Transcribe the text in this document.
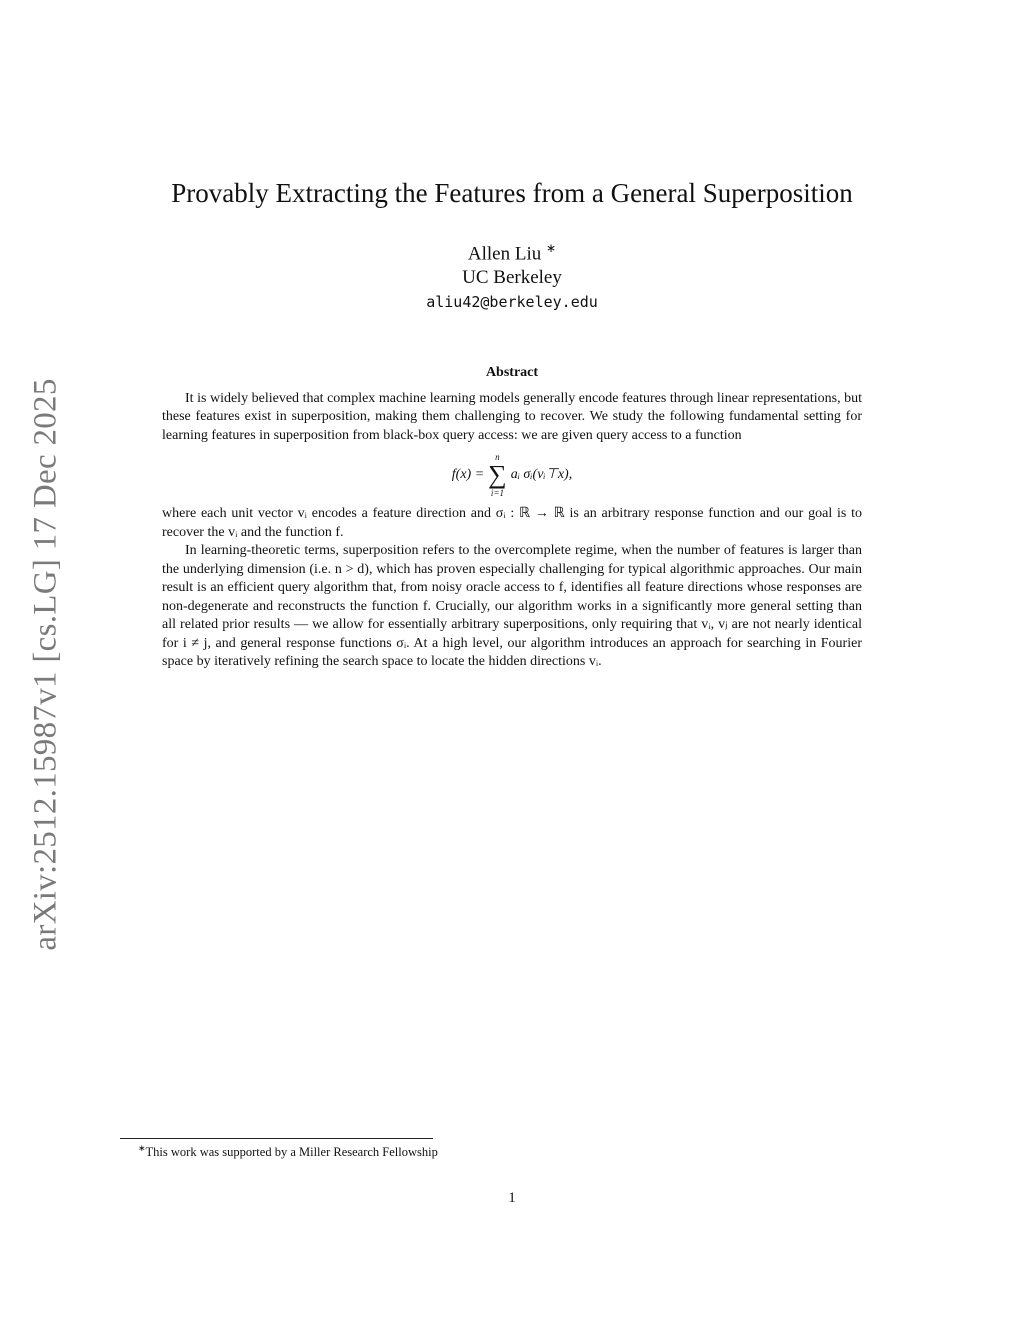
arXiv:2512.15987v1 [cs.LG] 17 Dec 2025
Provably Extracting the Features from a General Superposition
Allen Liu ∗
UC Berkeley
aliu42@berkeley.edu
Abstract

It is widely believed that complex machine learning models generally encode features through linear representations, but these features exist in superposition, making them challenging to recover. We study the following fundamental setting for learning features in superposition from black-box query access: we are given query access to a function

f(x) =
n
∑
i=1
aᵢ σᵢ(vᵢ⊤x),

where each unit vector vᵢ encodes a feature direction and σᵢ : ℝ → ℝ is an arbitrary response function and our goal is to recover the vᵢ and the function f.

In learning-theoretic terms, superposition refers to the overcomplete regime, when the number of features is larger than the underlying dimension (i.e. n > d), which has proven especially challenging for typical algorithmic approaches. Our main result is an efficient query algorithm that, from noisy oracle access to f, identifies all feature directions whose responses are non-degenerate and reconstructs the function f. Crucially, our algorithm works in a significantly more general setting than all related prior results — we allow for essentially arbitrary superpositions, only requiring that vᵢ, vⱼ are not nearly identical for i ≠ j, and general response functions σᵢ. At a high level, our algorithm introduces an approach for searching in Fourier space by iteratively refining the search space to locate the hidden directions vᵢ.

∗This work was supported by a Miller Research Fellowship
1
